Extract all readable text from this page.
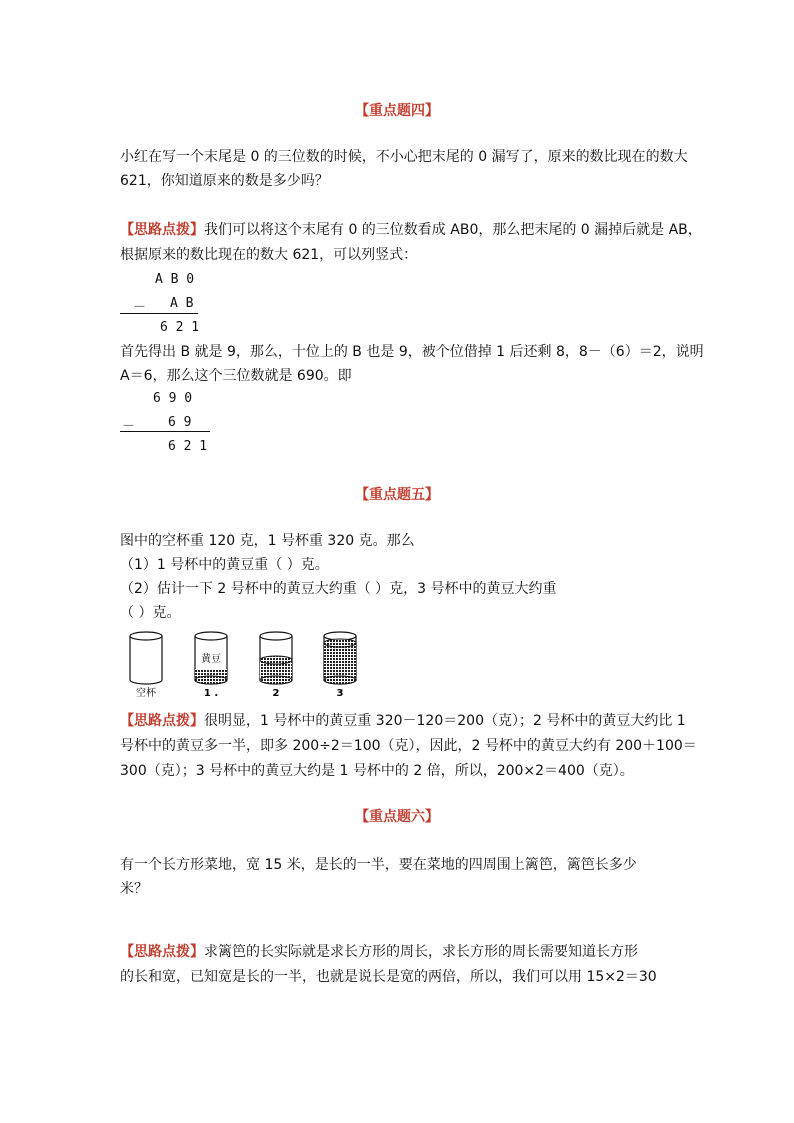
【重点题四】
小红在写一个末尾是 0 的三位数的时候，不小心把末尾的 0 漏写了，原来的数比现在的数大
621，你知道原来的数是多少吗？
【思路点拨】我们可以将这个末尾有 0 的三位数看成 AB0，那么把末尾的 0 漏掉后就是 AB，
根据原来的数比现在的数大 621，可以列竖式：
A B 0
－ A B
6 2 1
首先得出 B 就是 9，那么，十位上的 B 也是 9，被个位借掉 1 后还剩 8，8－（6）＝2，说明
A＝6，那么这个三位数就是 690。即
6 9 0
－	6 9
6 2 1
【重点题五】
图中的空杯重 120 克，1 号杯重 320 克。那么
（1）1 号杯中的黄豆重（ ）克。
（2）估计一下 2 号杯中的黄豆大约重（ ）克，3 号杯中的黄豆大约重
（ ）克。
空杯
黄豆
1 .	2	3
【思路点拨】很明显，1 号杯中的黄豆重 320－120＝200（克）；2 号杯中的黄豆大约比 1
号杯中的黄豆多一半，即多 200÷2＝100（克），因此，2 号杯中的黄豆大约有 200＋100＝
300（克）；3 号杯中的黄豆大约是 1 号杯中的 2 倍，所以，200×2＝400（克）。
【重点题六】
有一个长方形菜地，宽 15 米，是长的一半，要在菜地的四周围上篱笆，篱笆长多少
米？
【思路点拨】求篱笆的长实际就是求长方形的周长，求长方形的周长需要知道长方形
的长和宽，已知宽是长的一半，也就是说长是宽的两倍，所以，我们可以用 15×2＝30
